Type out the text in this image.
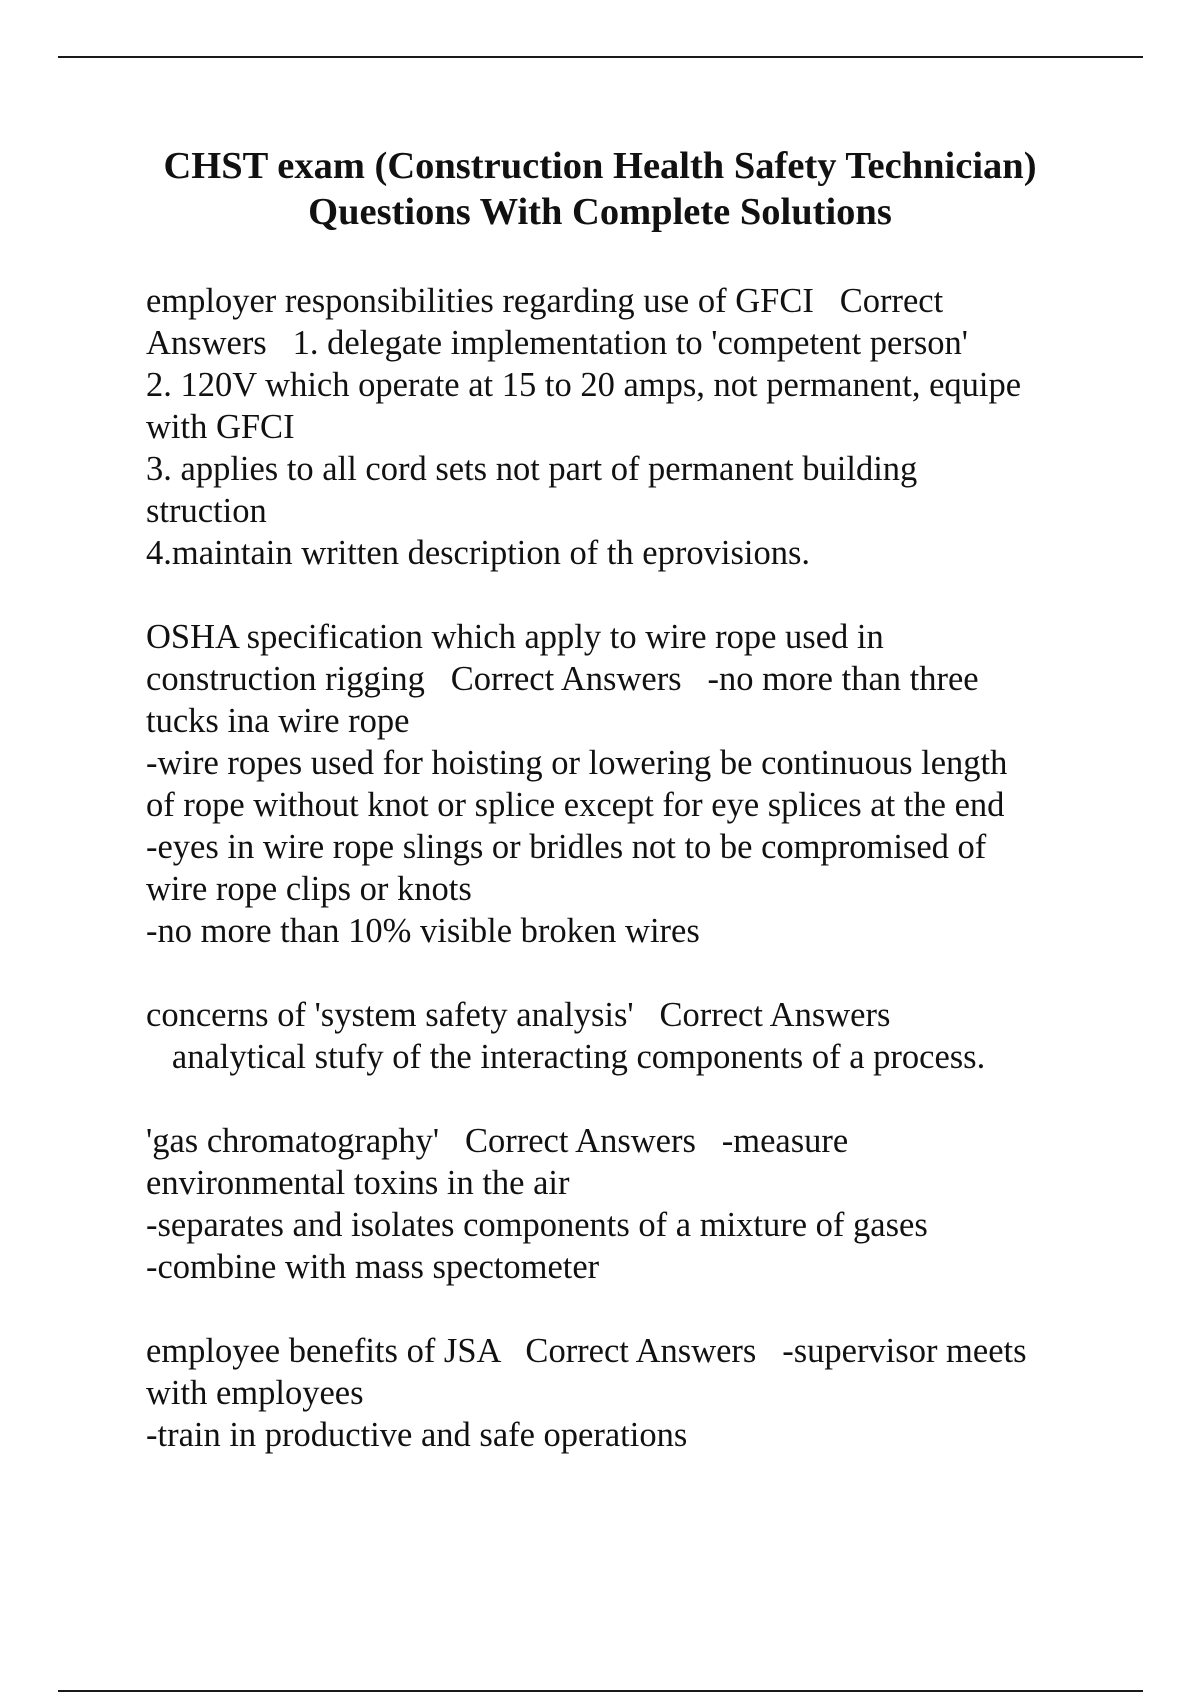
CHST exam (Construction Health Safety Technician)
Questions With Complete Solutions
employer responsibilities regarding use of GFCI   Correct
Answers   1. delegate implementation to 'competent person'
2. 120V which operate at 15 to 20 amps, not permanent, equipe
with GFCI
3. applies to all cord sets not part of permanent building
struction
4.maintain written description of th eprovisions.
OSHA specification which apply to wire rope used in
construction rigging   Correct Answers   -no more than three
tucks ina wire rope
-wire ropes used for hoisting or lowering be continuous length
of rope without knot or splice except for eye splices at the end
-eyes in wire rope slings or bridles not to be compromised of
wire rope clips or knots
-no more than 10% visible broken wires
concerns of 'system safety analysis'   Correct Answers
analytical stufy of the interacting components of a process.
'gas chromatography'   Correct Answers   -measure
environmental toxins in the air
-separates and isolates components of a mixture of gases
-combine with mass spectometer
employee benefits of JSA   Correct Answers   -supervisor meets
with employees
-train in productive and safe operations
